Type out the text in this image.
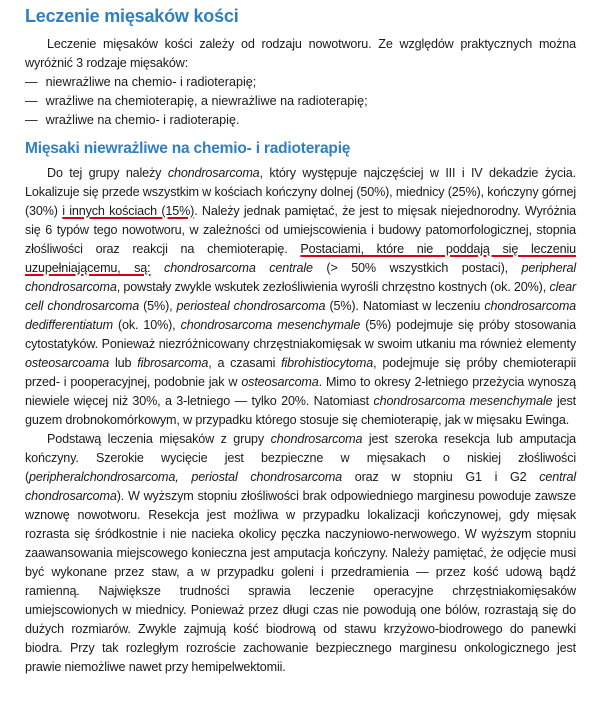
Leczenie mięsaków kości

Leczenie mięsaków kości zależy od rodzaju nowotworu. Ze względów praktycznych można wyróżnić 3 rodzaje mięsaków:

— niewrażliwe na chemio- i radioterapię;
— wrażliwe na chemioterapię, a niewrażliwe na radioterapię;
— wrażliwe na chemio- i radioterapię.
Mięsaki niewrażliwe na chemio- i radioterapię

Do tej grupy należy chondrosarcoma, który występuje najczęściej w III i IV dekadzie życia. Lokalizuje się przede wszystkim w kościach kończyny dolnej (50%), miednicy (25%), kończyny górnej (30%) i innych kościach (15%). Należy jednak pamiętać, że jest to mięsak niejednorodny. Wyróżnia się 6 typów tego nowotworu, w zależności od umiejscowienia i budowy patomorfologicznej, stopnia złośliwości oraz reakcji na chemioterapię. Postaciami, które nie poddają się leczeniu uzupełniającemu, są: chondrosarcoma centrale (> 50% wszystkich postaci), peripheral chondrosarcoma, powstały zwykle wskutek zezłośliwienia wyrośli chrzęstno kostnych (ok. 20%), clear cell chondrosarcoma (5%), periosteal chondrosarcoma (5%). Natomiast w leczeniu chondrosarcoma dedifferentiatum (ok. 10%), chondrosarcoma mesenchymale (5%) podejmuje się próby stosowania cytostatyków. Ponieważ niezróżnicowany chrzęstniakomięsak w swoim utkaniu ma również elementy osteosarcoama lub fibrosarcoma, a czasami fibrohistiocytoma, podejmuje się próby chemioterapii przed- i pooperacyjnej, podobnie jak w osteosarcoma. Mimo to okresy 2-letniego przeżycia wynoszą niewiele więcej niż 30%, a 3-letniego — tylko 20%. Natomiast chondrosarcoma mesenchymale jest guzem drobnokomórkowym, w przypadku którego stosuje się chemioterapię, jak w mięsaku Ewinga.

Podstawą leczenia mięsaków z grupy chondrosarcoma jest szeroka resekcja lub amputacja kończyny. Szerokie wycięcie jest bezpieczne w mięsakach o niskiej złośliwości (peripheralchondrosarcoma, periostal chondrosarcoma oraz w stopniu G1 i G2 central chondrosarcoma). W wyższym stopniu złośliwości brak odpowiedniego marginesu powoduje zawsze wznowę nowotworu. Resekcja jest możliwa w przypadku lokalizacji kończynowej, gdy mięsak rozrasta się śródkostnie i nie nacieka okolicy pęczka naczyniowo-nerwowego. W wyższym stopniu zaawansowania miejscowego konieczna jest amputacja kończyny. Należy pamiętać, że odjęcie musi być wykonane przez staw, a w przypadku goleni i przedramienia — przez kość udową bądź ramienną. Największe trudności sprawia leczenie operacyjne chrzęstniakomięsaków umiejscowionych w miednicy. Ponieważ przez długi czas nie powodują one bólów, rozrastają się do dużych rozmiarów. Zwykle zajmują kość biodrową od stawu krzyżowo-biodrowego do panewki biodra. Przy tak rozległym rozroście zachowanie bezpiecznego marginesu onkologicznego jest prawie niemożliwe nawet przy hemipelwektomii.
